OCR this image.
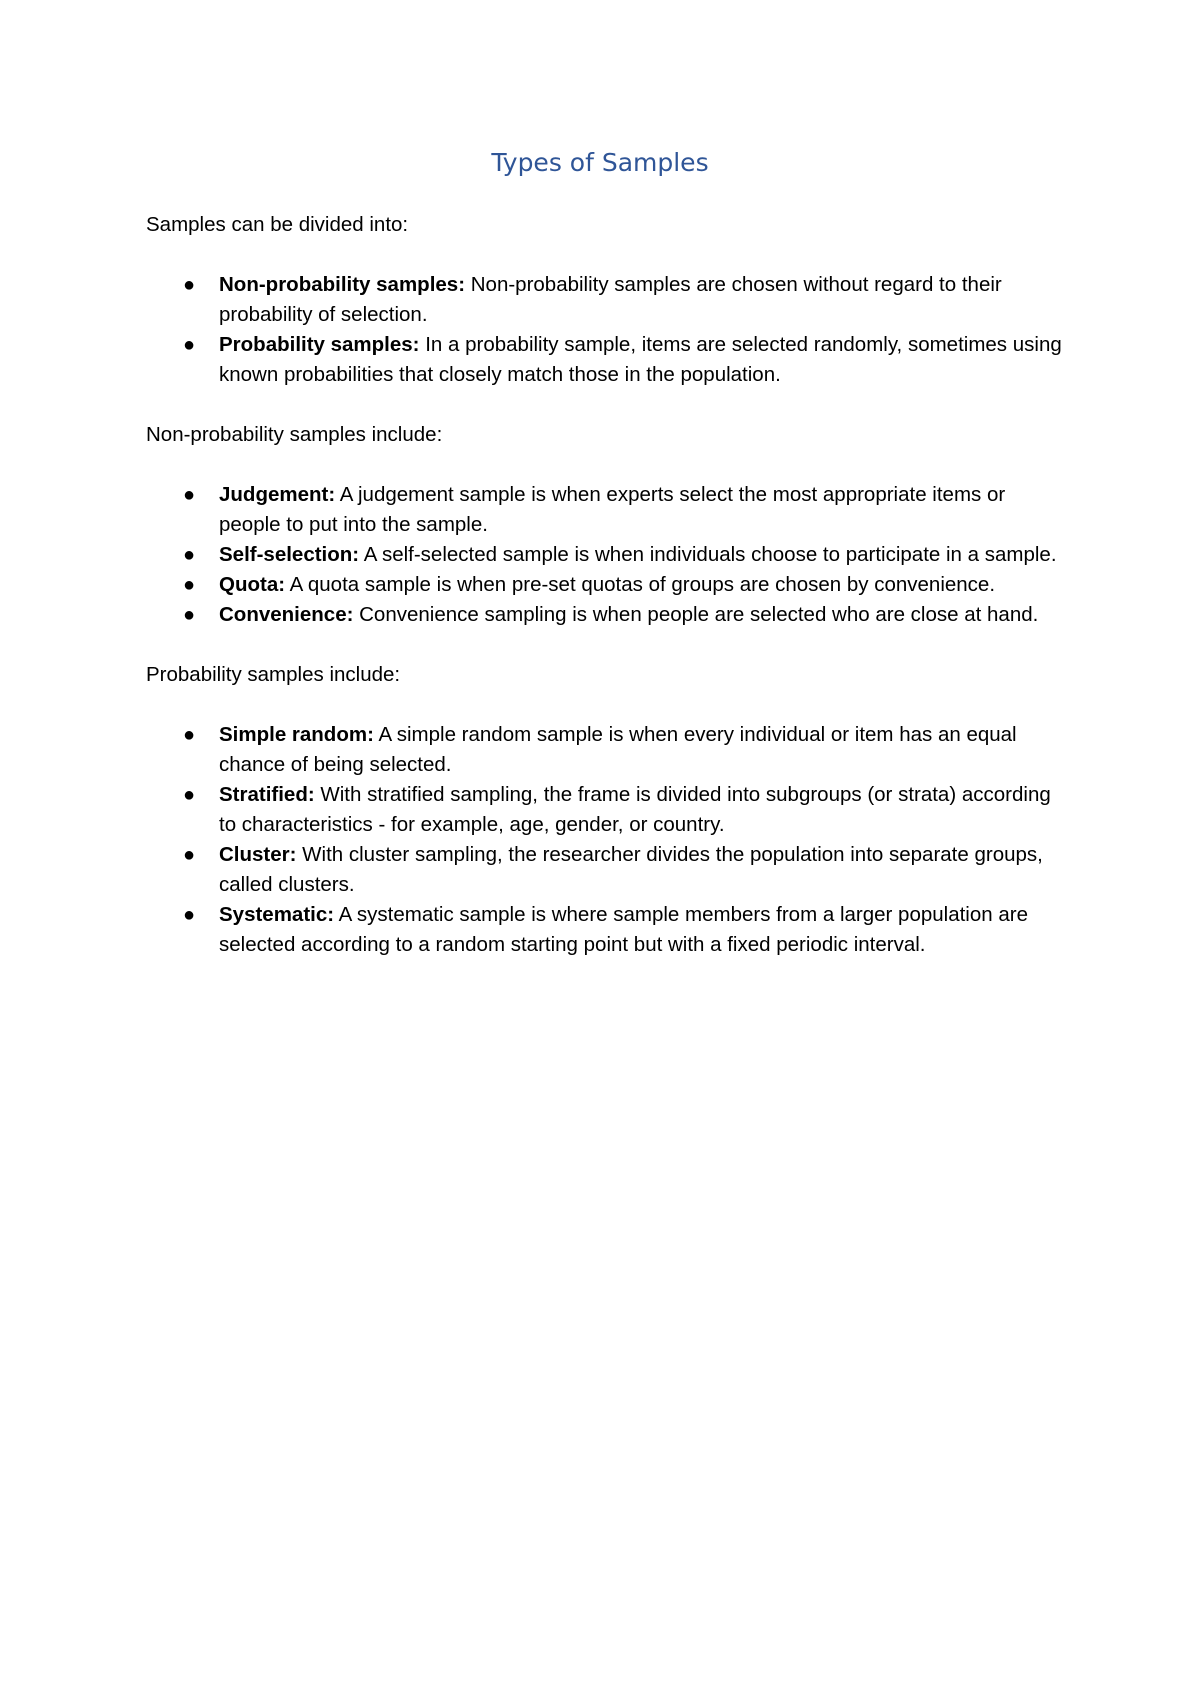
Types of Samples

Samples can be divided into:

● Non-probability samples: Non-probability samples are chosen without regard to their probability of selection.
● Probability samples: In a probability sample, items are selected randomly, sometimes using known probabilities that closely match those in the population.

Non-probability samples include:

● Judgement: A judgement sample is when experts select the most appropriate items or people to put into the sample.
● Self-selection: A self-selected sample is when individuals choose to participate in a sample.
● Quota: A quota sample is when pre-set quotas of groups are chosen by convenience.
● Convenience: Convenience sampling is when people are selected who are close at hand.

Probability samples include:

● Simple random: A simple random sample is when every individual or item has an equal chance of being selected.
● Stratified: With stratified sampling, the frame is divided into subgroups (or strata) according to characteristics - for example, age, gender, or country.
● Cluster: With cluster sampling, the researcher divides the population into separate groups, called clusters.
● Systematic: A systematic sample is where sample members from a larger population are selected according to a random starting point but with a fixed periodic interval.
